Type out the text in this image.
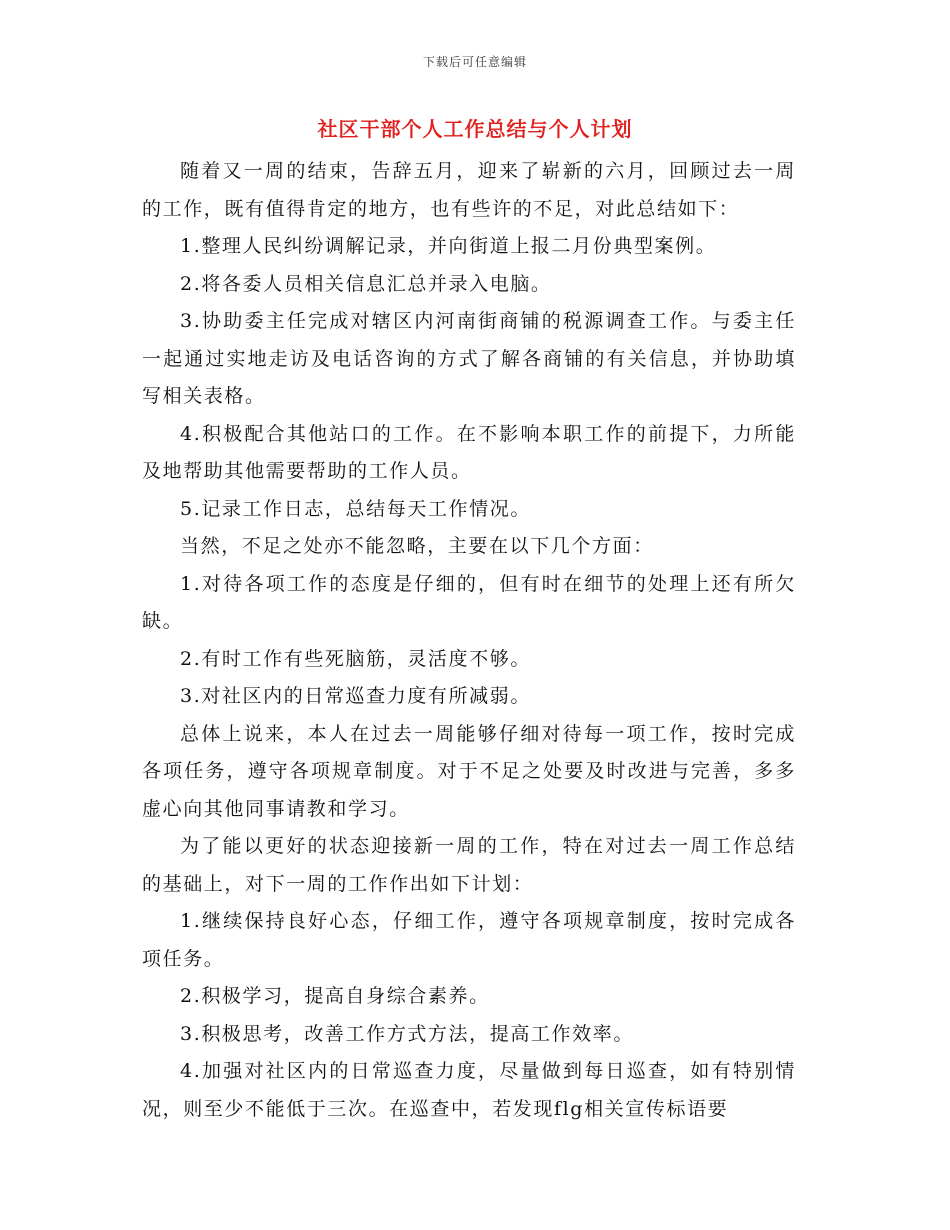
下载后可任意编辑
社区干部个人工作总结与个人计划

随着又一周的结束，告辞五月，迎来了崭新的六月，回顾过去一周的工作，既有值得肯定的地方，也有些许的不足，对此总结如下：

1.整理人民纠纷调解记录，并向街道上报二月份典型案例。

2.将各委人员相关信息汇总并录入电脑。

3.协助委主任完成对辖区内河南街商铺的税源调查工作。与委主任一起通过实地走访及电话咨询的方式了解各商铺的有关信息，并协助填写相关表格。

4.积极配合其他站口的工作。在不影响本职工作的前提下，力所能及地帮助其他需要帮助的工作人员。

5.记录工作日志，总结每天工作情况。

当然，不足之处亦不能忽略，主要在以下几个方面：

1.对待各项工作的态度是仔细的，但有时在细节的处理上还有所欠缺。

2.有时工作有些死脑筋，灵活度不够。

3.对社区内的日常巡查力度有所减弱。

总体上说来，本人在过去一周能够仔细对待每一项工作，按时完成各项任务，遵守各项规章制度。对于不足之处要及时改进与完善，多多虚心向其他同事请教和学习。

为了能以更好的状态迎接新一周的工作，特在对过去一周工作总结的基础上，对下一周的工作作出如下计划：

1.继续保持良好心态，仔细工作，遵守各项规章制度，按时完成各项任务。

2.积极学习，提高自身综合素养。

3.积极思考，改善工作方式方法，提高工作效率。

4.加强对社区内的日常巡查力度，尽量做到每日巡查，如有特别情况，则至少不能低于三次。在巡查中，若发现flg相关宣传标语要
